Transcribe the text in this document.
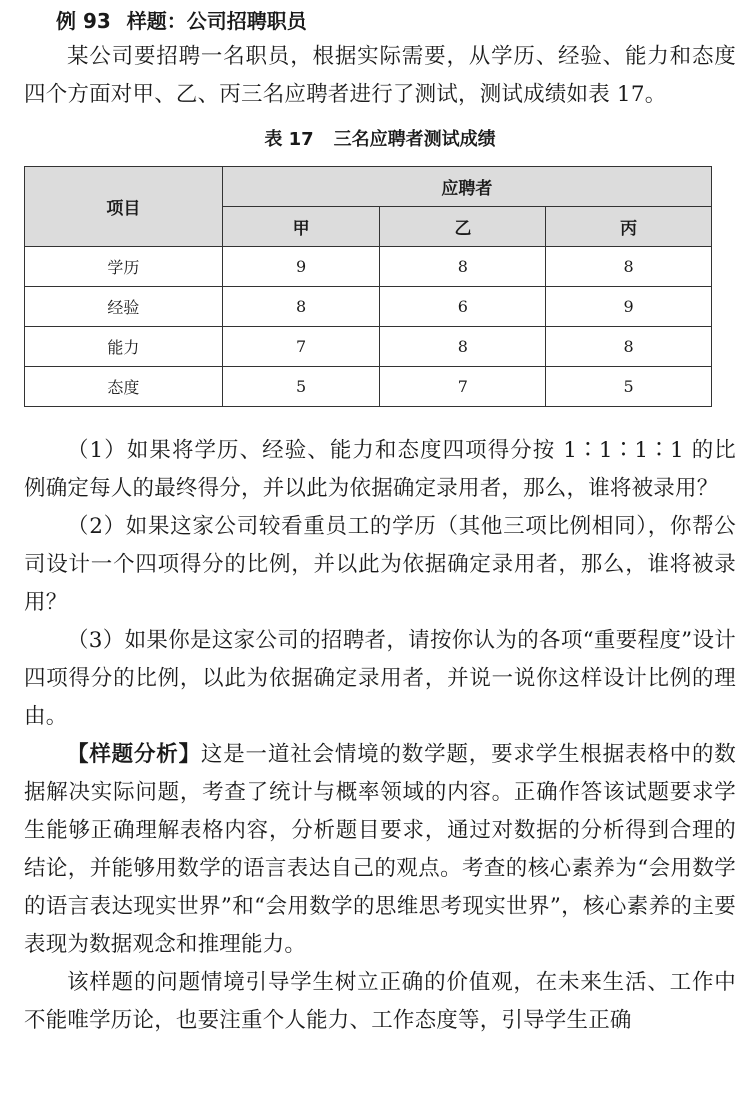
例 93 样题：公司招聘职员

某公司要招聘一名职员，根据实际需要，从学历、经验、能力和态度四个方面对甲、乙、丙三名应聘者进行了测试，测试成绩如表 17。

表 17 三名应聘者测试成绩
项目	应聘者		
	甲	乙	丙
学历	9	8	8
经验	8	6	9
能力	7	8	8
态度	5	7	5

（1）如果将学历、经验、能力和态度四项得分按 1∶1∶1∶1 的比例确定每人的最终得分，并以此为依据确定录用者，那么，谁将被录用？

（2）如果这家公司较看重员工的学历（其他三项比例相同），你帮公司设计一个四项得分的比例，并以此为依据确定录用者，那么，谁将被录用？

（3）如果你是这家公司的招聘者，请按你认为的各项“重要程度”设计四项得分的比例，以此为依据确定录用者，并说一说你这样设计比例的理由。

【样题分析】这是一道社会情境的数学题，要求学生根据表格中的数据解决实际问题，考查了统计与概率领域的内容。正确作答该试题要求学生能够正确理解表格内容，分析题目要求，通过对数据的分析得到合理的结论，并能够用数学的语言表达自己的观点。考查的核心素养为“会用数学的语言表达现实世界”和“会用数学的思维思考现实世界”，核心素养的主要表现为数据观念和推理能力。

该样题的问题情境引导学生树立正确的价值观，在未来生活、工作中不能唯学历论，也要注重个人能力、工作态度等，引导学生正确
